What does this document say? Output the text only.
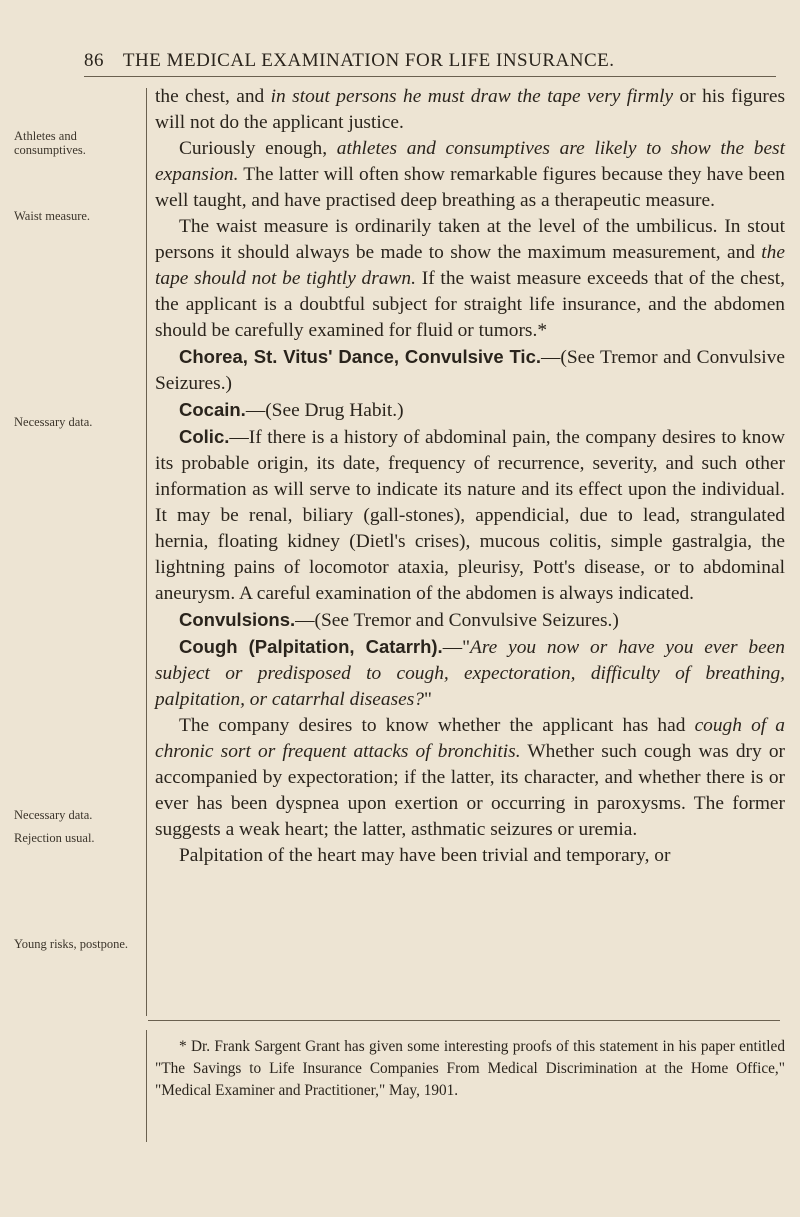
86 THE MEDICAL EXAMINATION FOR LIFE INSURANCE.
Athletes and consumptives.
Waist measure.
Necessary data.
Necessary data.
Rejection usual.
Young risks, postpone.

the chest, and in stout persons he must draw the tape very firmly or his figures will not do the applicant justice.

Curiously enough, athletes and consumptives are likely to show the best expansion. The latter will often show remarkable figures because they have been well taught, and have practised deep breathing as a therapeutic measure.

The waist measure is ordinarily taken at the level of the umbilicus. In stout persons it should always be made to show the maximum measurement, and the tape should not be tightly drawn. If the waist measure exceeds that of the chest, the applicant is a doubtful subject for straight life insurance, and the abdomen should be carefully examined for fluid or tumors.*

Chorea, St. Vitus' Dance, Convulsive Tic.—(See Tremor and Convulsive Seizures.)

Cocain.—(See Drug Habit.)

Colic.—If there is a history of abdominal pain, the company desires to know its probable origin, its date, frequency of recurrence, severity, and such other information as will serve to indicate its nature and its effect upon the individual. It may be renal, biliary (gall-stones), appendicial, due to lead, strangulated hernia, floating kidney (Dietl's crises), mucous colitis, simple gastralgia, the lightning pains of locomotor ataxia, pleurisy, Pott's disease, or to abdominal aneurysm. A careful examination of the abdomen is always indicated.

Convulsions.—(See Tremor and Convulsive Seizures.)

Cough (Palpitation, Catarrh).—"Are you now or have you ever been subject or predisposed to cough, expectoration, difficulty of breathing, palpitation, or catarrhal diseases?"

The company desires to know whether the applicant has had cough of a chronic sort or frequent attacks of bronchitis. Whether such cough was dry or accompanied by expectoration; if the latter, its character, and whether there is or ever has been dyspnea upon exertion or occurring in paroxysms. The former suggests a weak heart; the latter, asthmatic seizures or uremia.

Palpitation of the heart may have been trivial and temporary, or

* Dr. Frank Sargent Grant has given some interesting proofs of this statement in his paper entitled "The Savings to Life Insurance Companies From Medical Discrimination at the Home Office," "Medical Examiner and Practitioner," May, 1901.
